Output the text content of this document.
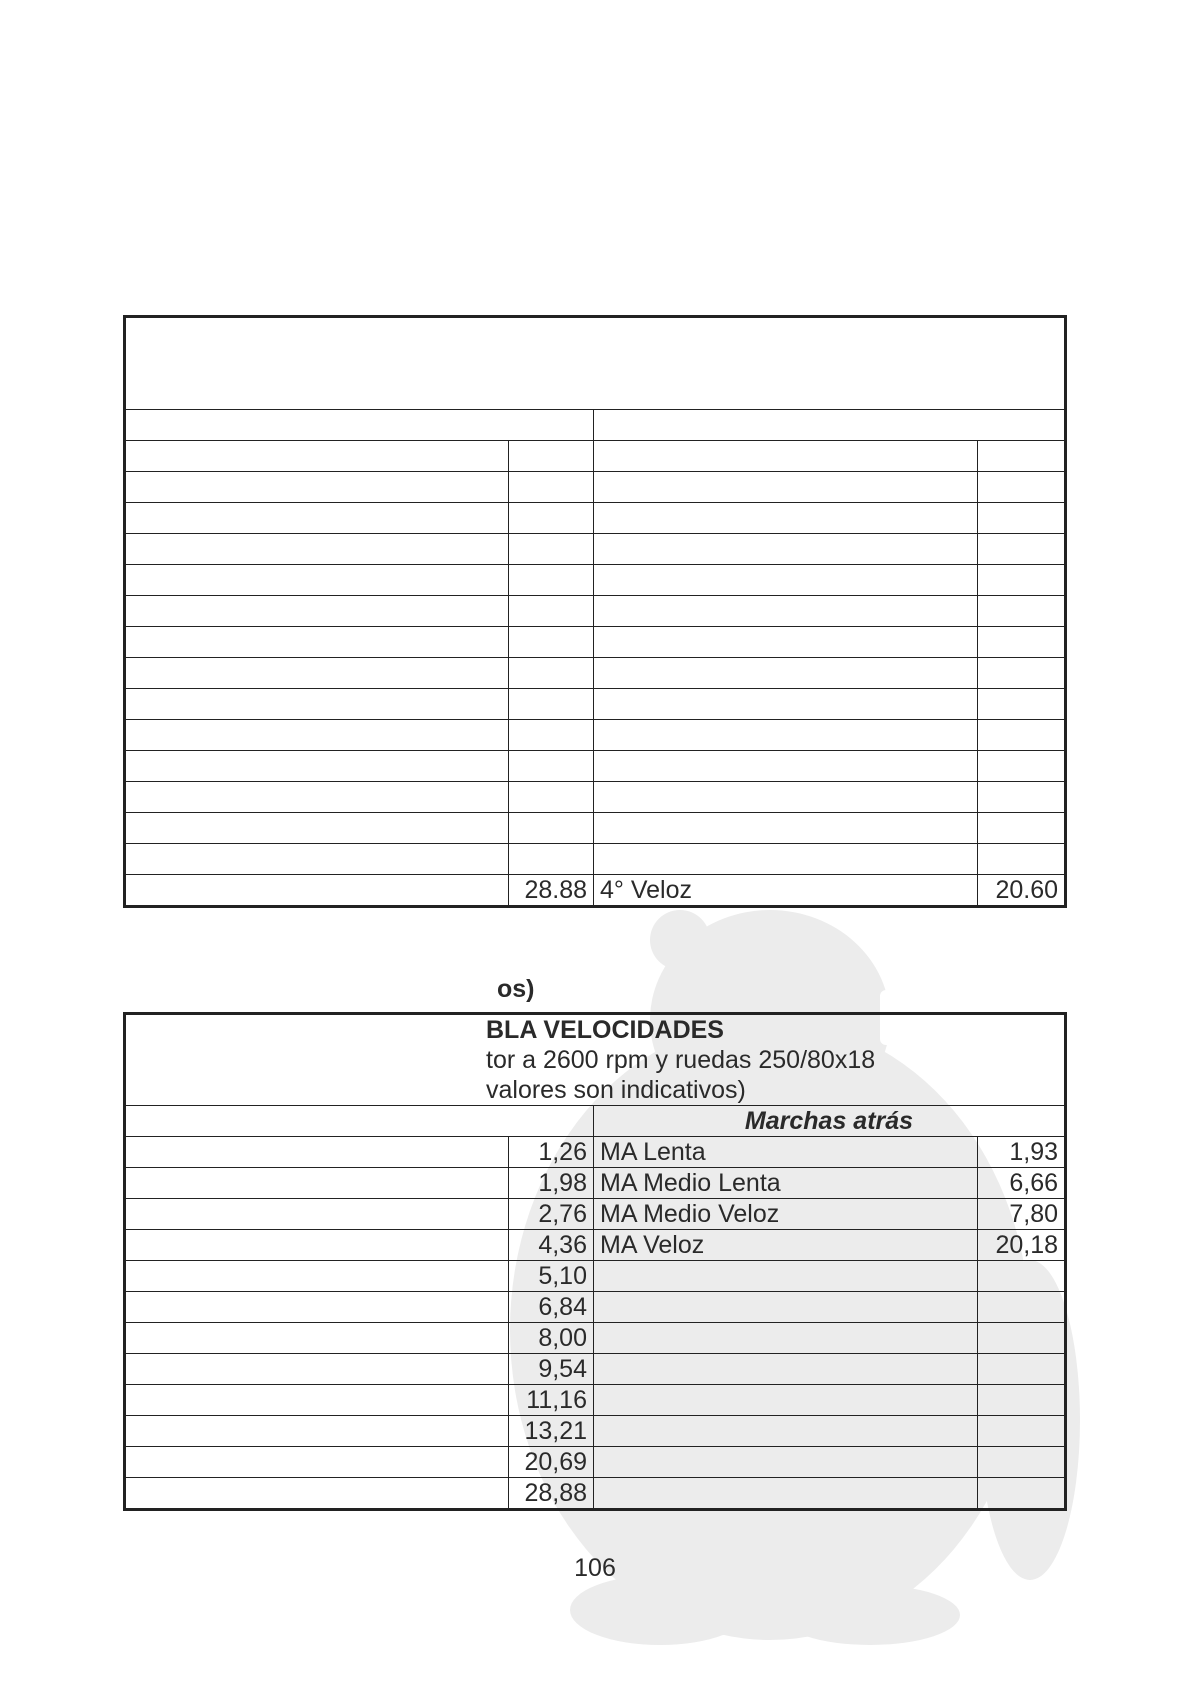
	28.88	4° Veloz	20.60
os)
BLA VELOCIDADES
tor a 2600 rpm y ruedas 250/80x18
valores son indicativos)			

		Marchas atrás	
	1,26	MA Lenta	1,93
	1,98	MA Medio Lenta	6,66
	2,76	MA Medio Veloz	7,80
	4,36	MA Veloz	20,18
	5,10		
	6,84		
	8,00		
	9,54		
	11,16		
	13,21		
	20,69		
	28,88		
106
